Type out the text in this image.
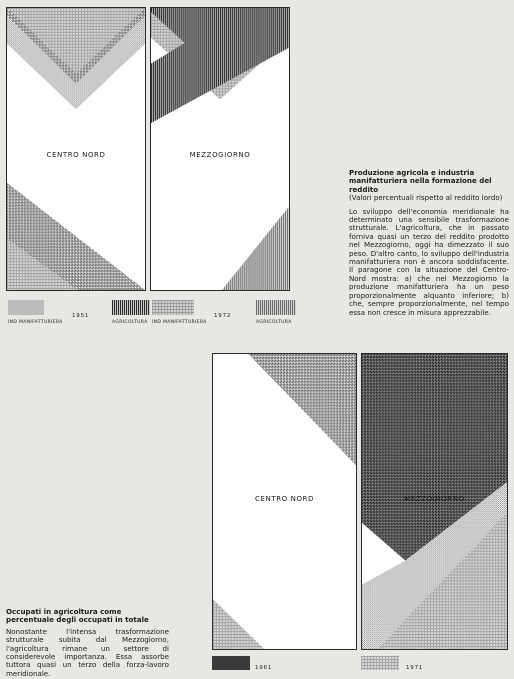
CENTRO NORD	MEZZOGIORNO
1951
IND MANIFATTURIERA	AGRICOLTURA IND MANIFATTURIERA
1972
AGRICOLTURA
Produzione agricola e industria manifatturiera nella formazione del reddito
(Valori percentuali rispetto al reddito lordo)
Lo sviluppo dell'economia meridionale ha determinato una sensibile trasformazione strutturale. L'agricoltura, che in passato forniva quasi un terzo del reddito prodotto nel Mezzogiorno, oggi ha dimezzato il suo peso. D'altro canto, lo sviluppo dell'industria manifatturiera non è ancora soddisfacente. Il paragone con la situazione del Centro-Nord mostra: a) che nel Mezzogiorno la produzione manifatturiera ha un peso proporzionalmente alquanto inferiore; b) che, sempre proporzionalmente, nel tempo essa non cresce in misura apprezzabile.
CENTRO NORD	MEZZOGIORNO
1961	1971
Occupati in agricoltura come percentuale degli occupati in totale
Nonostante l'intensa trasformazione strutturale subita dal Mezzogiorno, l'agricoltura rimane un settore di considerevole importanza. Essa assorbe tuttora quasi un terzo della forza-lavoro meridionale.
